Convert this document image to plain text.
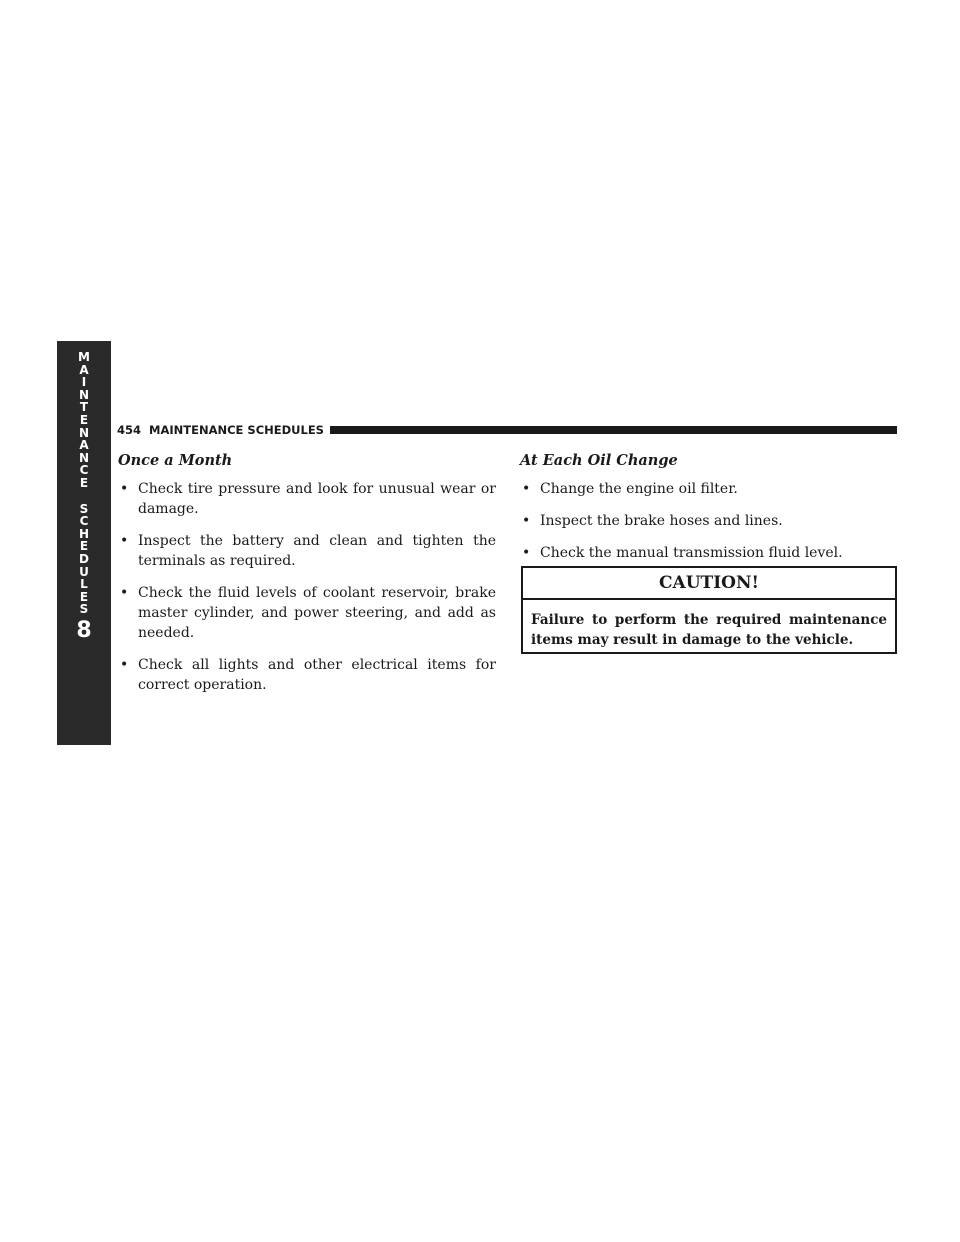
M
A
I
N
T
E
N
A
N
C
E
S
C
H
E
D
U
L
E
S
8
454 MAINTENANCE SCHEDULES
Once a Month
• Check tire pressure and look for unusual wear or damage.
• Inspect the battery and clean and tighten the terminals as required.
• Check the fluid levels of coolant reservoir, brake master cylinder, and power steering, and add as needed.
• Check all lights and other electrical items for correct operation.
At Each Oil Change
• Change the engine oil filter.
• Inspect the brake hoses and lines.
• Check the manual transmission fluid level.
CAUTION!
Failure to perform the required maintenance items may result in damage to the vehicle.
